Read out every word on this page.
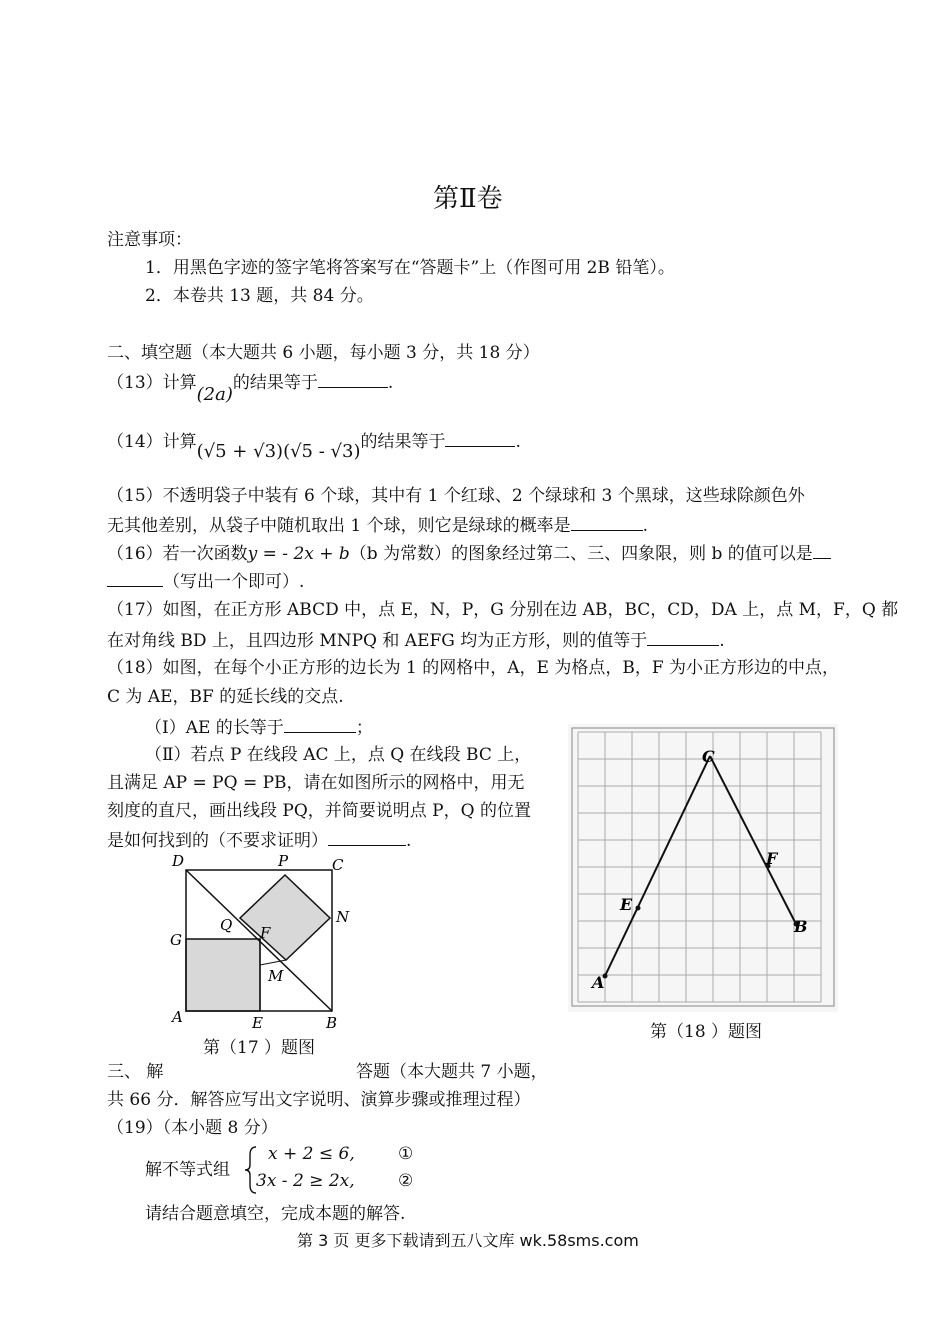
第Ⅱ卷
注意事项：
1．用黑色字迹的签字笔将答案写在“答题卡”上（作图可用 2B 铅笔）。
2．本卷共 13 题，共 84 分。
二、填空题（本大题共 6 小题，每小题 3 分，共 18 分）
（13）计算(2a)的结果等于	.
（14）计算(√5 + √3)(√5 - √3)的结果等于	.
（15）不透明袋子中装有 6 个球，其中有 1 个红球、2 个绿球和 3 个黑球，这些球除颜色外
无其他差别，从袋子中随机取出 1 个球，则它是绿球的概率是	.
（16）若一次函数y = - 2x + b（b 为常数）的图象经过第二、三、四象限，则 b 的值可以是
（写出一个即可）.
（17）如图，在正方形 ABCD 中，点 E，N，P，G 分别在边 AB，BC，CD，DA 上，点 M，F，Q 都
在对角线 BD 上，且四边形 MNPQ 和 AEFG 均为正方形，则的值等于	.
（18）如图，在每个小正方形的边长为 1 的网格中，A，E 为格点，B，F 为小正方形边的中点，
C 为 AE，BF 的延长线的交点.
（Ⅰ）AE 的长等于	；
（Ⅱ）若点 P 在线段 AC 上，点 Q 在线段 BC 上，
且满足 AP = PQ = PB，请在如图所示的网格中，用无
刻度的直尺，画出线段 PQ，并简要说明点 P，Q 的位置
是如何找到的（不要求证明）	.
D	P	C
N
Q F
G
M
A	E	B
第（17 ）题图
C
F
E
B
A
第（18 ）题图
三、 解	答题（本大题共 7 小题，
共 66 分．解答应写出文字说明、演算步骤或推理过程）
（19）（本小题 8 分）
解不等式组
x + 2 ≤ 6,
3x - 2 ≥ 2x,
①
②
请结合题意填空，完成本题的解答.
第 3 页 更多下载请到五八文库 wk.58sms.com
